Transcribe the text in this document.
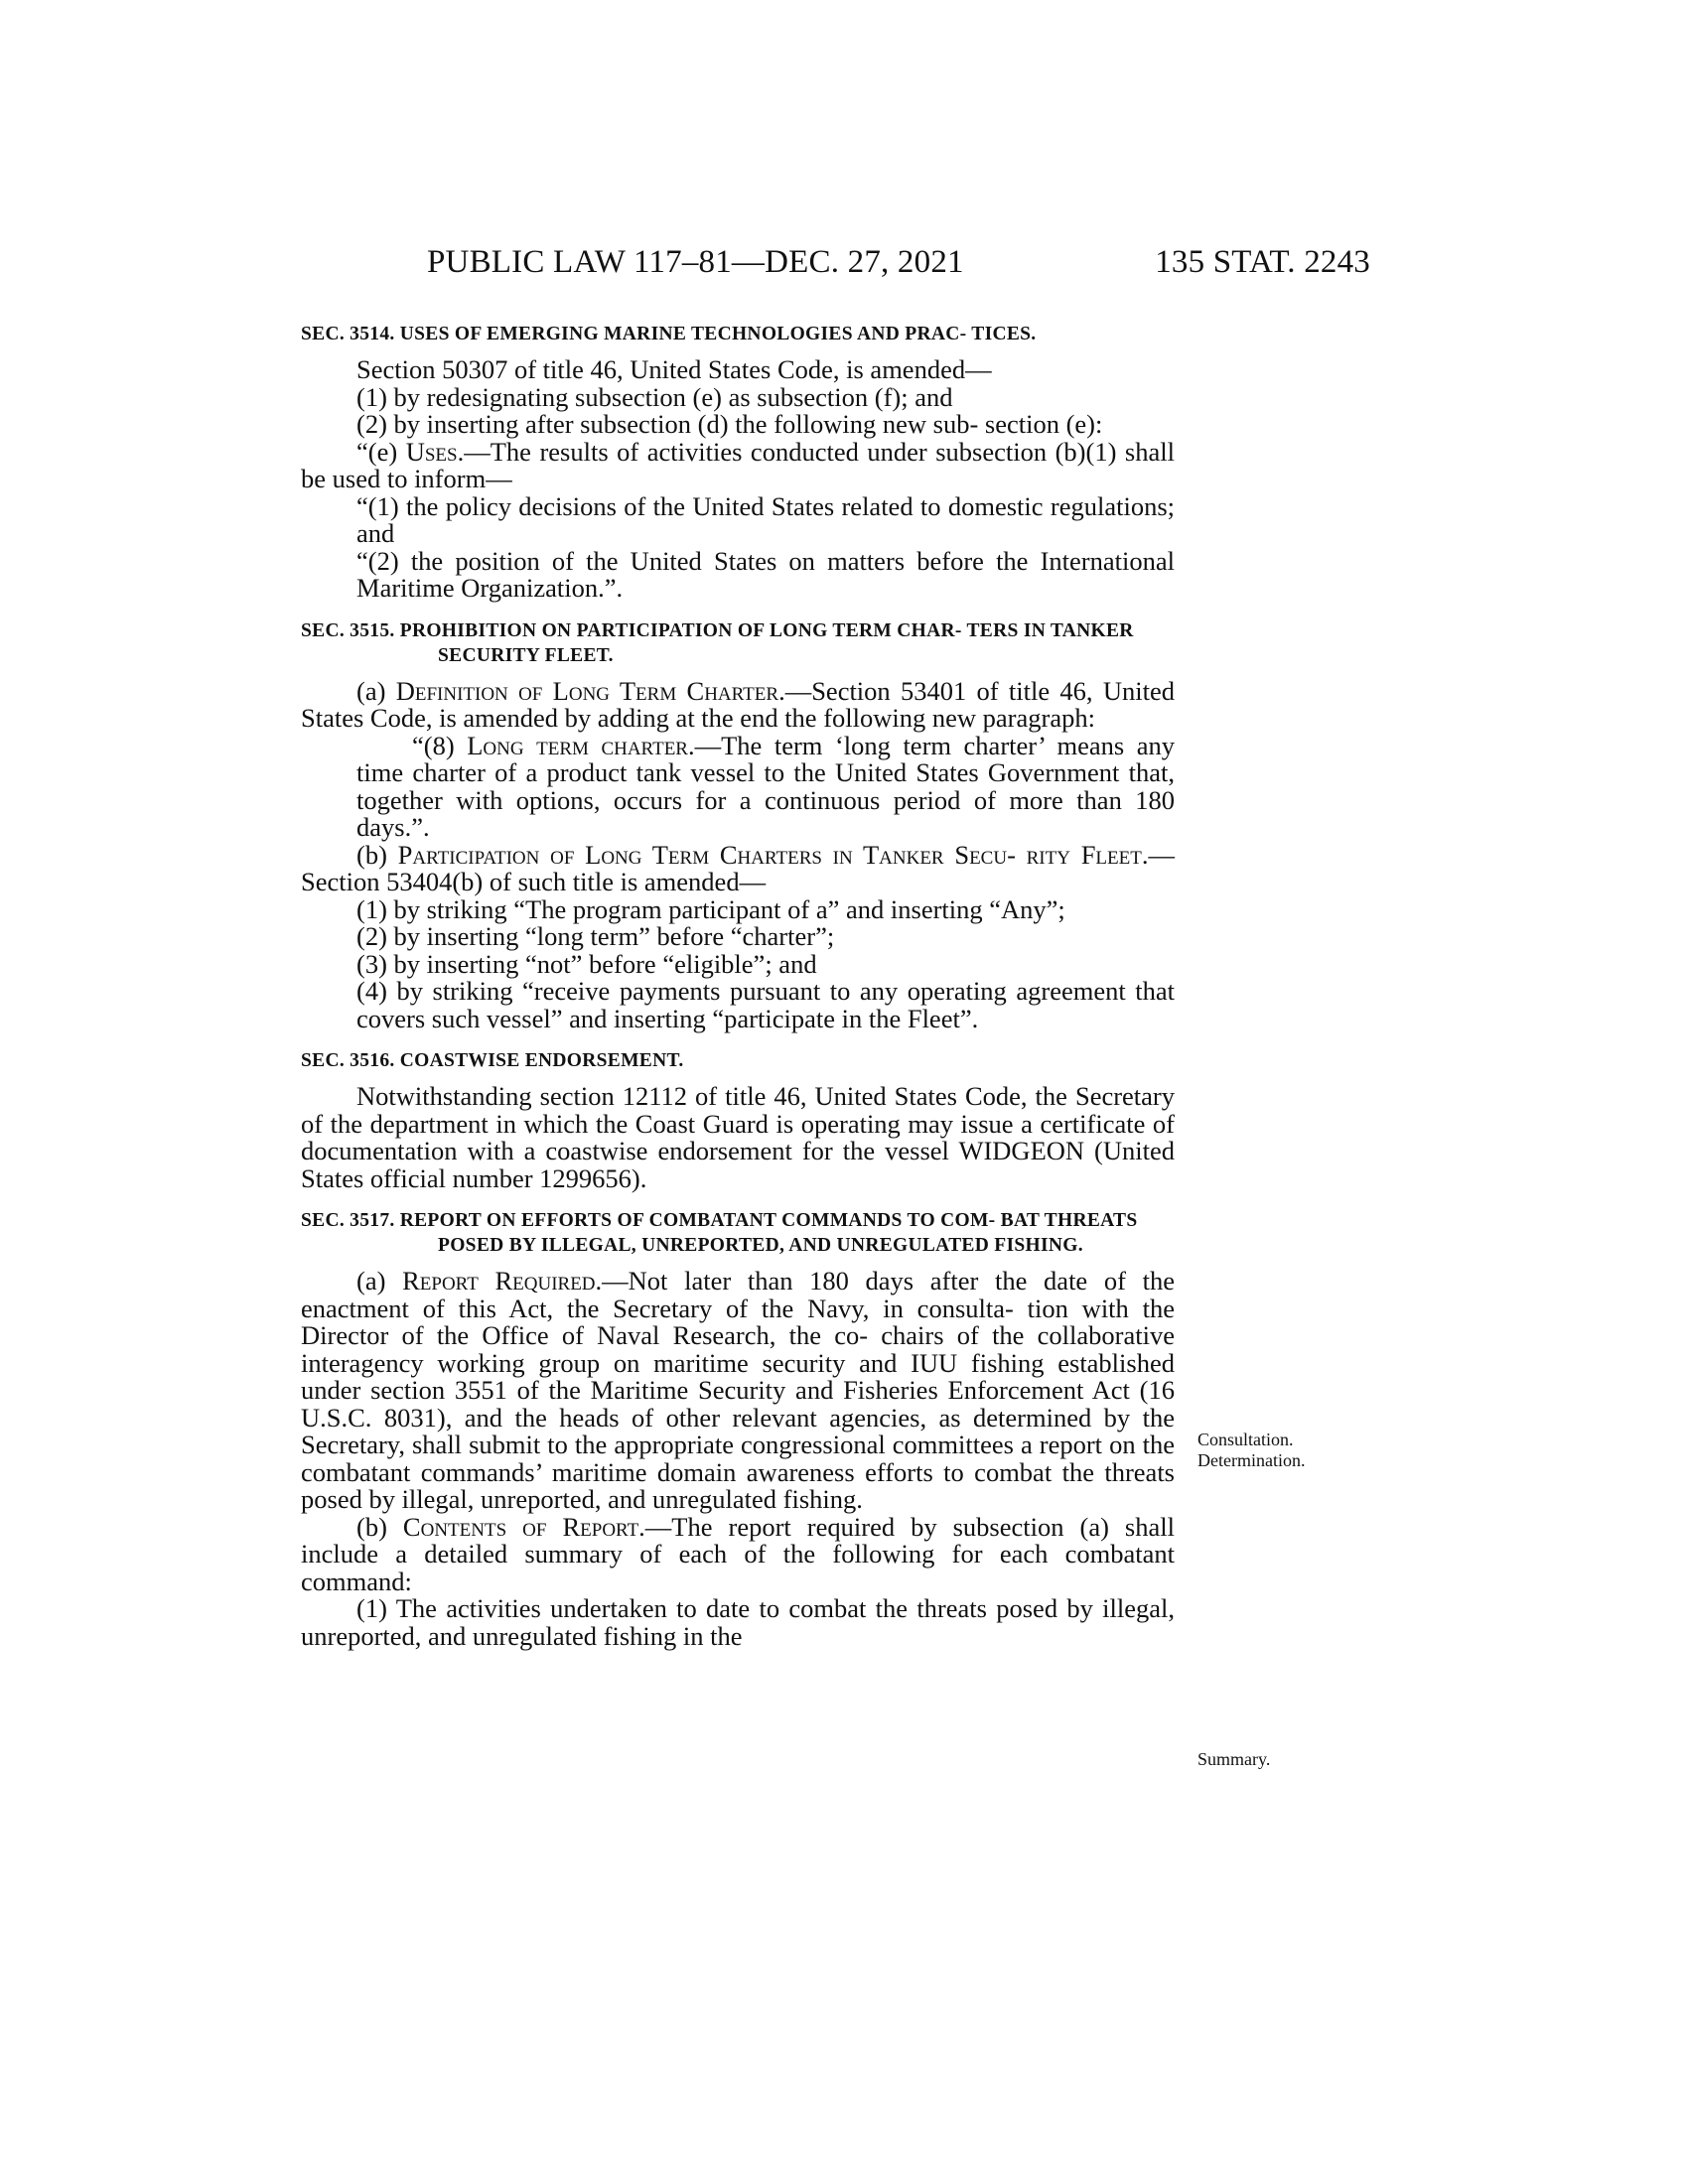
PUBLIC LAW 117–81—DEC. 27, 2021	135 STAT. 2243
SEC. 3514. USES OF EMERGING MARINE TECHNOLOGIES AND PRAC- TICES.

Section 50307 of title 46, United States Code, is amended—

(1) by redesignating subsection (e) as subsection (f); and

(2) by inserting after subsection (d) the following new sub- section (e):

“(e) Uses.—The results of activities conducted under subsection (b)(1) shall be used to inform—

“(1) the policy decisions of the United States related to domestic regulations; and

“(2) the position of the United States on matters before the International Maritime Organization.”.

SEC. 3515. PROHIBITION ON PARTICIPATION OF LONG TERM CHAR- TERS IN TANKER SECURITY FLEET.

(a) Definition of Long Term Charter.—Section 53401 of title 46, United States Code, is amended by adding at the end the following new paragraph:

“(8) Long term charter.—The term ‘long term charter’ means any time charter of a product tank vessel to the United States Government that, together with options, occurs for a continuous period of more than 180 days.”.

(b) Participation of Long Term Charters in Tanker Secu- rity Fleet.—Section 53404(b) of such title is amended—

(1) by striking “The program participant of a” and inserting “Any”;

(2) by inserting “long term” before “charter”;

(3) by inserting “not” before “eligible”; and

(4) by striking “receive payments pursuant to any operating agreement that covers such vessel” and inserting “participate in the Fleet”.

SEC. 3516. COASTWISE ENDORSEMENT.

Notwithstanding section 12112 of title 46, United States Code, the Secretary of the department in which the Coast Guard is operating may issue a certificate of documentation with a coastwise endorsement for the vessel WIDGEON (United States official number 1299656).

SEC. 3517. REPORT ON EFFORTS OF COMBATANT COMMANDS TO COM- BAT THREATS POSED BY ILLEGAL, UNREPORTED, AND UNREGULATED FISHING.

(a) Report Required.—Not later than 180 days after the date of the enactment of this Act, the Secretary of the Navy, in consulta- tion with the Director of the Office of Naval Research, the co- chairs of the collaborative interagency working group on maritime security and IUU fishing established under section 3551 of the Maritime Security and Fisheries Enforcement Act (16 U.S.C. 8031), and the heads of other relevant agencies, as determined by the Secretary, shall submit to the appropriate congressional committees a report on the combatant commands’ maritime domain awareness efforts to combat the threats posed by illegal, unreported, and unregulated fishing.

(b) Contents of Report.—The report required by subsection (a) shall include a detailed summary of each of the following for each combatant command:

(1) The activities undertaken to date to combat the threats posed by illegal, unreported, and unregulated fishing in the

Consultation.
Determination.
Summary.
